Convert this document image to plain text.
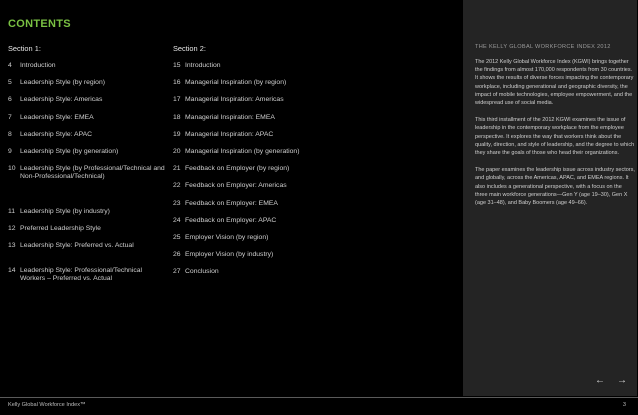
CONTENTS
Section 1:
4	Introduction
5	Leadership Style (by region)
6	Leadership Style: Americas
7	Leadership Style: EMEA
8	Leadership Style: APAC
9	Leadership Style (by generation)
10 Leadership Style (by Professional/Technical and Non-Professional/Technical)
11 Leadership Style (by industry)
12 Preferred Leadership Style
13 Leadership Style: Preferred vs. Actual
14 Leadership Style: Professional/Technical Workers – Preferred vs. Actual
Section 2:
15 Introduction
16 Managerial Inspiration (by region)
17 Managerial Inspiration: Americas
18 Managerial Inspiration: EMEA
19 Managerial Inspiration: APAC
20 Managerial Inspiration (by generation)
21 Feedback on Employer (by region)
22 Feedback on Employer: Americas
23 Feedback on Employer: EMEA
24 Feedback on Employer: APAC
25 Employer Vision (by region)
26 Employer Vision (by industry)
27 Conclusion
THE KELLY GLOBAL WORKFORCE INDEX 2012
The 2012 Kelly Global Workforce Index (KGWI) brings together the findings from almost 170,000 respondents from 30 countries. It shows the results of diverse forces impacting the contemporary workplace, including generational and geographic diversity, the impact of mobile technologies, employee empowerment, and the widespread use of social media.
This third installment of the 2012 KGWI examines the issue of leadership in the contemporary workplace from the employee perspective. It explores the way that workers think about the quality, direction, and style of leadership, and the degree to which they share the goals of those who head their organizations.
The paper examines the leadership issue across industry sectors, and globally, across the Americas, APAC, and EMEA regions. It also includes a generational perspective, with a focus on the three main workforce generations—Gen Y (age 19–30), Gen X (age 31–48), and Baby Boomers (age 49–66).
← →
Kelly Global Workforce Index™	3
